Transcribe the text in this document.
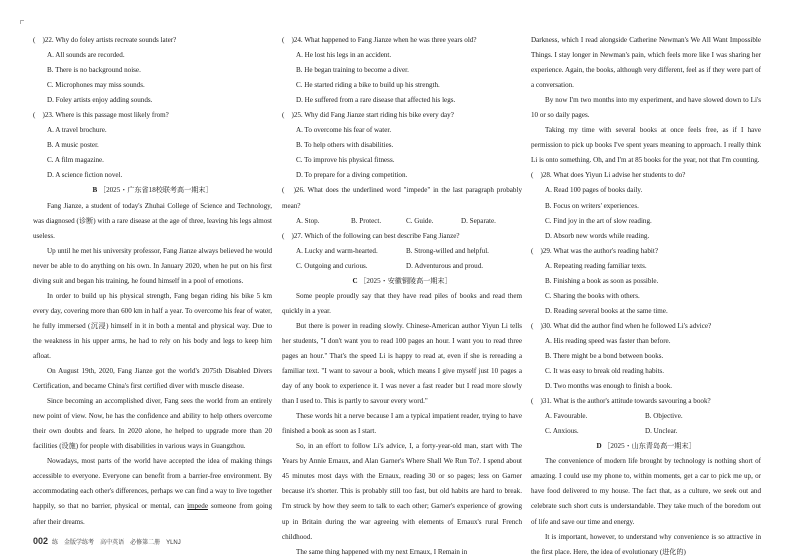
(　)22. Why do foley artists recreate sounds later?
A. All sounds are recorded.
B. There is no background noise.
C. Microphones may miss sounds.
D. Foley artists enjoy adding sounds.
(　)23. Where is this passage most likely from?
A. A travel brochure.
B. A music poster.
C. A film magazine.
D. A science fiction novel.
B ［2025・广东省18校联考高一期末］
Fang Jianze, a student of today's Zhuhai College of Science and Technology, was diagnosed (诊断) with a rare disease at the age of three, leaving his legs almost useless.
Up until he met his university professor, Fang Jianze always believed he would never be able to do anything on his own. In January 2020, when he put on his first diving suit and began his training, he found himself in a pool of emotions.
In order to build up his physical strength, Fang began riding his bike 5 km every day, covering more than 600 km in half a year. To overcome his fear of water, he fully immersed (沉浸) himself in it in both a mental and physical way. Due to the weakness in his upper arms, he had to rely on his body and legs to keep him afloat.
On August 19th, 2020, Fang Jianze got the world's 2075th Disabled Divers Certification, and became China's first certified diver with muscle disease.
Since becoming an accomplished diver, Fang sees the world from an entirely new point of view. Now, he has the confidence and ability to help others overcome their own doubts and fears. In 2020 alone, he helped to upgrade more than 20 facilities (设施) for people with disabilities in various ways in Guangzhou.
Nowadays, most parts of the world have accepted the idea of making things accessible to everyone. Everyone can benefit from a barrier-free environment. By accommodating each other's differences, perhaps we can find a way to live together happily, so that no barrier, physical or mental, can impede someone from going after their dreams.
(　)24. What happened to Fang Jianze when he was three years old?
A. He lost his legs in an accident.
B. He began training to become a diver.
C. He started riding a bike to build up his strength.
D. He suffered from a rare disease that affected his legs.
(　)25. Why did Fang Jianze start riding his bike every day?
A. To overcome his fear of water.
B. To help others with disabilities.
C. To improve his physical fitness.
D. To prepare for a diving competition.
(　)26. What does the underlined word "impede" in the last paragraph probably mean?
A. Stop.	B. Protect.	C. Guide.	D. Separate.
(　)27. Which of the following can best describe Fang Jianze?
A. Lucky and warm-hearted.	B. Strong-willed and helpful.
C. Outgoing and curious.	D. Adventurous and proud.
C ［2025・安徽铜陵高一期末］
Some people proudly say that they have read piles of books and read them quickly in a year.
But there is power in reading slowly. Chinese-American author Yiyun Li tells her students, "I don't want you to read 100 pages an hour. I want you to read three pages an hour." That's the speed Li is happy to read at, even if she is rereading a familiar text. "I want to savour a book, which means I give myself just 10 pages a day of any book to experience it. I was never a fast reader but I read more slowly than I used to. This is partly to savour every word."
These words hit a nerve because I am a typical impatient reader, trying to have finished a book as soon as I start.
So, in an effort to follow Li's advice, I, a forty-year-old man, start with The Years by Annie Ernaux, and Alan Garner's Where Shall We Run To?. I spend about 45 minutes most days with the Ernaux, reading 30 or so pages; less on Garner because it's shorter. This is probably still too fast, but old habits are hard to break. I'm struck by how they seem to talk to each other; Garner's experience of growing up in Britain during the war agreeing with elements of Ernaux's rural French childhood.
The same thing happened with my next Ernaux, I Remain in
Darkness, which I read alongside Catherine Newman's We All Want Impossible Things. I stay longer in Newman's pain, which feels more like I was sharing her experience. Again, the books, although very different, feel as if they were part of a conversation.
By now I'm two months into my experiment, and have slowed down to Li's 10 or so daily pages.
Taking my time with several books at once feels free, as if I have permission to pick up books I've spent years meaning to approach. I really think Li is onto something. Oh, and I'm at 85 books for the year, not that I'm counting.
(　)28. What does Yiyun Li advise her students to do?
A. Read 100 pages of books daily.
B. Focus on writers' experiences.
C. Find joy in the art of slow reading.
D. Absorb new words while reading.
(　)29. What was the author's reading habit?
A. Repeating reading familiar texts.
B. Finishing a book as soon as possible.
C. Sharing the books with others.
D. Reading several books at the same time.
(　)30. What did the author find when he followed Li's advice?
A. His reading speed was faster than before.
B. There might be a bond between books.
C. It was easy to break old reading habits.
D. Two months was enough to finish a book.
(　)31. What is the author's attitude towards savouring a book?
A. Favourable.	B. Objective.
C. Anxious.	D. Unclear.
D ［2025・山东青岛高一期末］
The convenience of modern life brought by technology is nothing short of amazing. I could use my phone to, within moments, get a car to pick me up, or have food delivered to my house. The fact that, as a culture, we seek out and celebrate such short cuts is understandable. They take much of the boredom out of life and save our time and energy.
It is important, however, to understand why convenience is so attractive in the first place. Here, the idea of evolutionary (进化的)
002 练 金版学练考 高中英语 必修第二册 YLNJ
